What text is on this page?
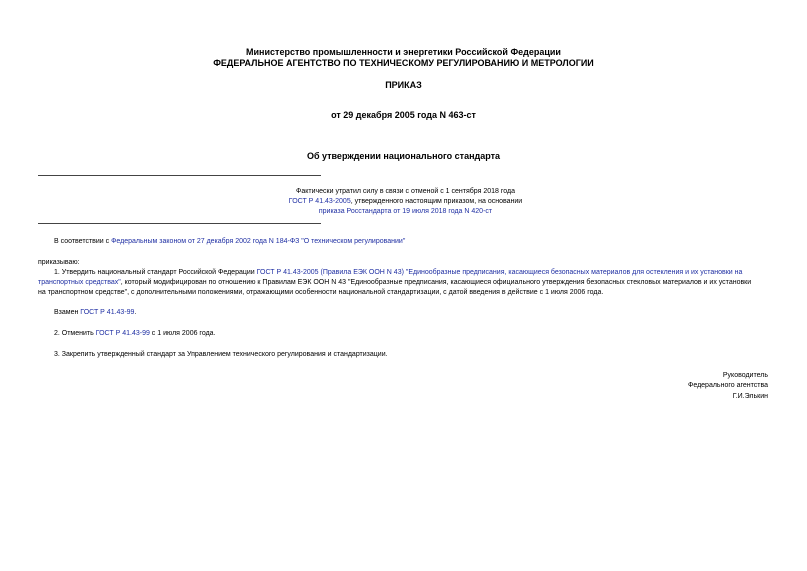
Министерство промышленности и энергетики Российской Федерации
ФЕДЕРАЛЬНОЕ АГЕНТСТВО ПО ТЕХНИЧЕСКОМУ РЕГУЛИРОВАНИЮ И МЕТРОЛОГИИ
ПРИКАЗ
от 29 декабря 2005 года N 463-ст
Об утверждении национального стандарта
Фактически утратил силу в связи с отменой с 1 сентября 2018 года
ГОСТ Р 41.43-2005, утвержденного настоящим приказом, на основании
приказа Росстандарта от 19 июля 2018 года N 420-ст
В соответствии с Федеральным законом от 27 декабря 2002 года N 184-ФЗ "О техническом регулировании"
приказываю:
1. Утвердить национальный стандарт Российской Федерации ГОСТ Р 41.43-2005 (Правила ЕЭК ООН N 43) "Единообразные предписания, касающиеся безопасных материалов для остекления и их установки на
транспортных средствах", который модифицирован по отношению к Правилам ЕЭК ООН N 43 "Единообразные предписания, касающиеся официального утверждения безопасных стекловых материалов и их установки
на транспортном средстве", с дополнительными положениями, отражающими особенности национальной стандартизации, с датой введения в действие с 1 июля 2006 года.
Взамен ГОСТ Р 41.43-99.
2. Отменить ГОСТ Р 41.43-99 с 1 июля 2006 года.
3. Закрепить утвержденный стандарт за Управлением технического регулирования и стандартизации.
Руководитель
Федерального агентства
Г.И.Элькин
